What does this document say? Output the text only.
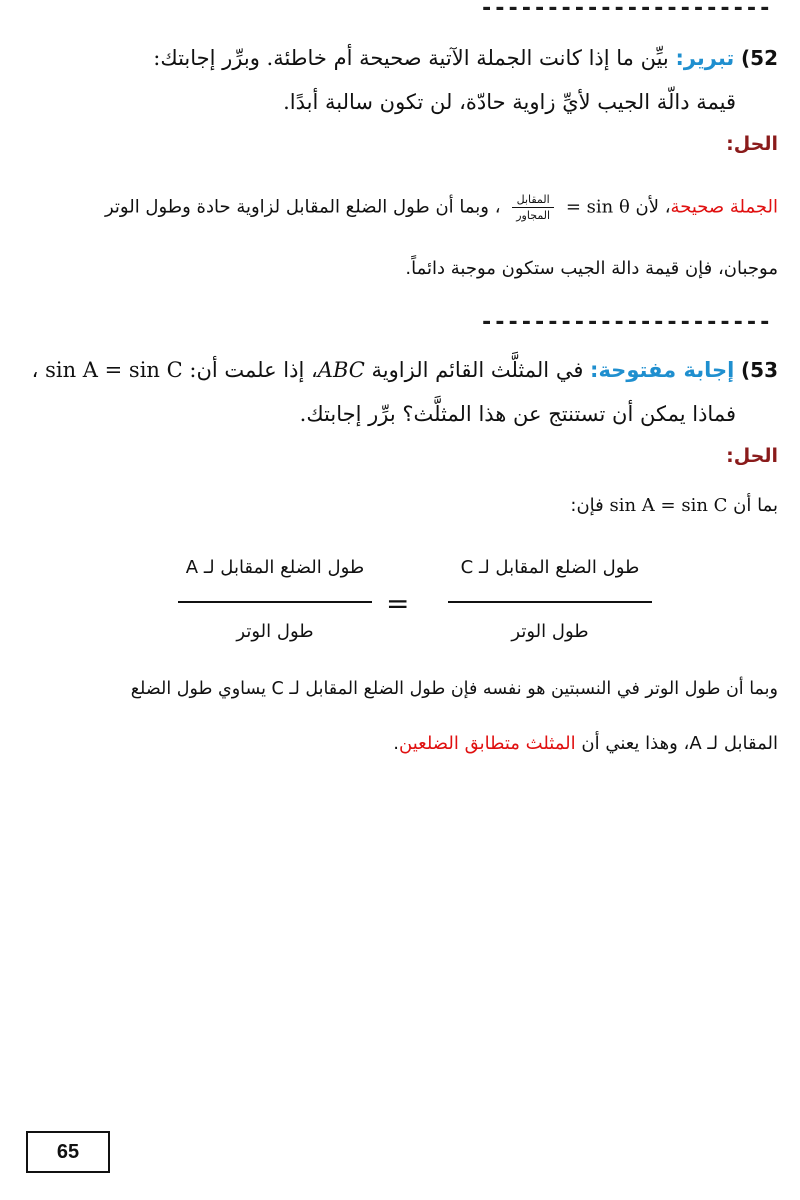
----------------------
52) تبرير: بيِّن ما إذا كانت الجملة الآتية صحيحة أم خاطئة. وبرِّر إجابتك:
قيمة دالّة الجيب لأيِّ زاوية حادّة، لن تكون سالبة أبدًا.
الحل:
الجملة صحيحة، لأن sin θ =
المقابل
المجاور
، وبما أن طول الضلع المقابل لزاوية حادة وطول الوتر
موجبان، فإن قيمة دالة الجيب ستكون موجبة دائماً.
----------------------
53) إجابة مفتوحة: في المثلَّث القائم الزاوية ABC، إذا علمت أن: sin A = sin C ،
فماذا يمكن أن تستنتج عن هذا المثلَّث؟ برِّر إجابتك.
الحل:
بما أن sin A = sin C فإن:
طول الضلع المقابل لـ C
طول الوتر
=
طول الضلع المقابل لـ A
طول الوتر
وبما أن طول الوتر في النسبتين هو نفسه فإن طول الضلع المقابل لـ C يساوي طول الضلع
المقابل لـ A، وهذا يعني أن المثلث متطابق الضلعين.
65
